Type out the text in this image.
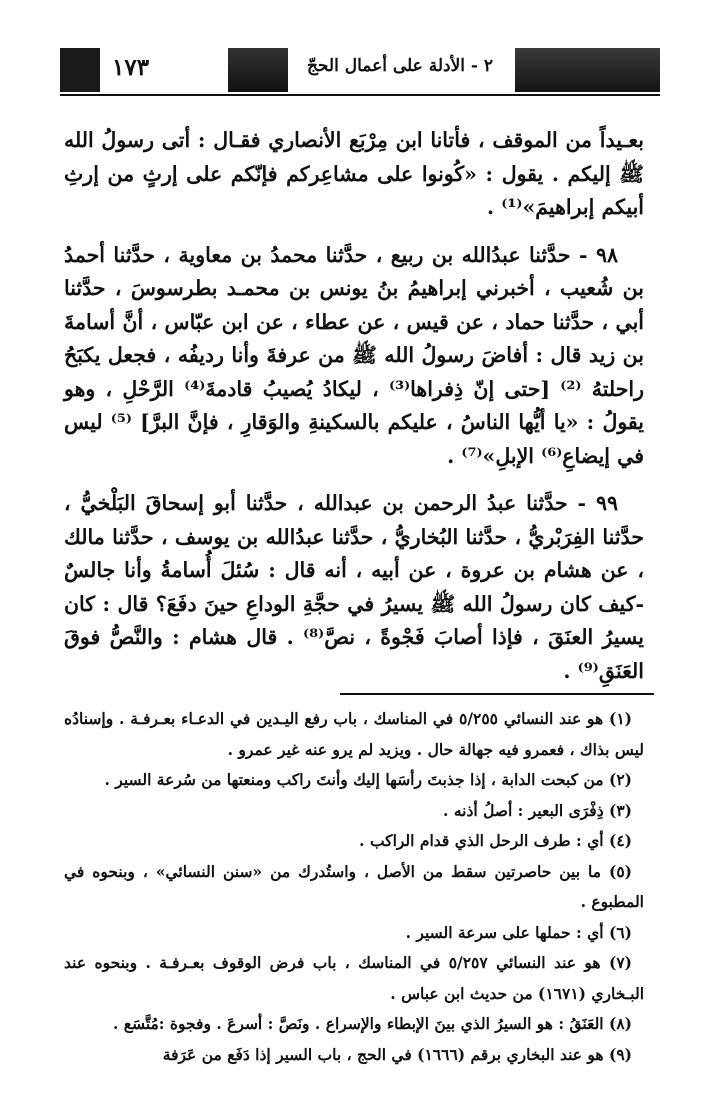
١٧٣	٢ - الأدلة على أعمال الحجّ

بعـيداً من الموقف ، فأتانا ابن مِرْبَع الأنصاري فقـال : أتى رسولُ الله ﷺ إليكم . يقول : «كُونوا على مشاعِركم فإنّكم على إرثٍ من إرثِ أبيكم إبراهيمَ»⁽¹⁾ .

٩٨ - حدَّثنا عبدُالله بن ربيع ، حدَّثنا محمدُ بن معاوية ، حدَّثنا أحمدُ بن شُعيب ، أخبرني إبراهيمُ بنُ يونس بن محمـد بطرسوسَ ، حدَّثنا أبي ، حدَّثنا حماد ، عن قيس ، عن عطاء ، عن ابن عبّاس ، أنَّ أسامةَ بن زيد قال : أفاضَ رسولُ الله ﷺ من عرفةَ وأنا رديفُه ، فجعل يكبَحُ راحلتهُ ⁽²⁾ [حتى إنّ ذِفراها⁽³⁾ ، ليكادُ يُصيبُ قادمةَ⁽⁴⁾ الرَّحْلِ ، وهو يقولُ : «يا أيُّها الناسُ ، عليكم بالسكينةِ والوَقارِ ، فإنَّ البرَّ] ⁽⁵⁾ ليس في إيضاعِ⁽⁶⁾ الإبلِ»⁽⁷⁾ .

٩٩ - حدَّثنا عبدُ الرحمن بن عبدالله ، حدَّثنا أبو إسحاقَ البَلْخيُّ ، حدَّثنا الفِرَبْريُّ ، حدَّثنا البُخاريُّ ، حدَّثنا عبدُالله بن يوسف ، حدَّثنا مالك ، عن هشام بن عروة ، عن أبيه ، أنه قال : سُئلَ أُسامةُ وأنا جالسٌ -كيف كان رسولُ الله ﷺ يسيرُ في حجَّةِ الوداعِ حينَ دفَعَ؟ قال : كان يسيرُ العنَقَ ، فإذا أصابَ فَجْوةً ، نصَّ⁽⁸⁾ . قال هشام : والنَّصُّ فوقَ العَنَقِ⁽⁹⁾ .

(١) هو عند النسائي ٥/٢٥٥ في المناسك ، باب رفع اليـدين في الدعـاء بعـرفـة . وإسنادُه ليس بذاك ، فعمرو فيه جهالة حال . ويزيد لم يرو عنه غير عمرو .

(٢) من كبحت الدابة ، إذا جذبتَ رأسَها إليك وأنتَ راكب ومنعتها من سُرعة السير .

(٣) ذِفْرَى البعير : أصلُ أذنه .

(٤) أي : طرف الرحل الذي قدام الراكب .

(٥) ما بين حاصرتين سقط من الأصل ، واستُدرك من «سنن النسائي» ، وبنحوه في المطبوع .

(٦) أي : حملها على سرعة السير .

(٧) هو عند النسائي ٥/٢٥٧ في المناسك ، باب فرض الوقوف بعـرفـة . وبنحوه عند البـخاري (١٦٧١) من حديث ابن عباس .

(٨) العَنَقُ : هو السيرُ الذي بينَ الإبطاء والإسراع . ونَصَّ : أسرعَ . وفجوة :مُتَّسَع .

(٩) هو عند البخاري برقم (١٦٦٦) في الحج ، باب السير إذا دَفَع من عَرَفة
